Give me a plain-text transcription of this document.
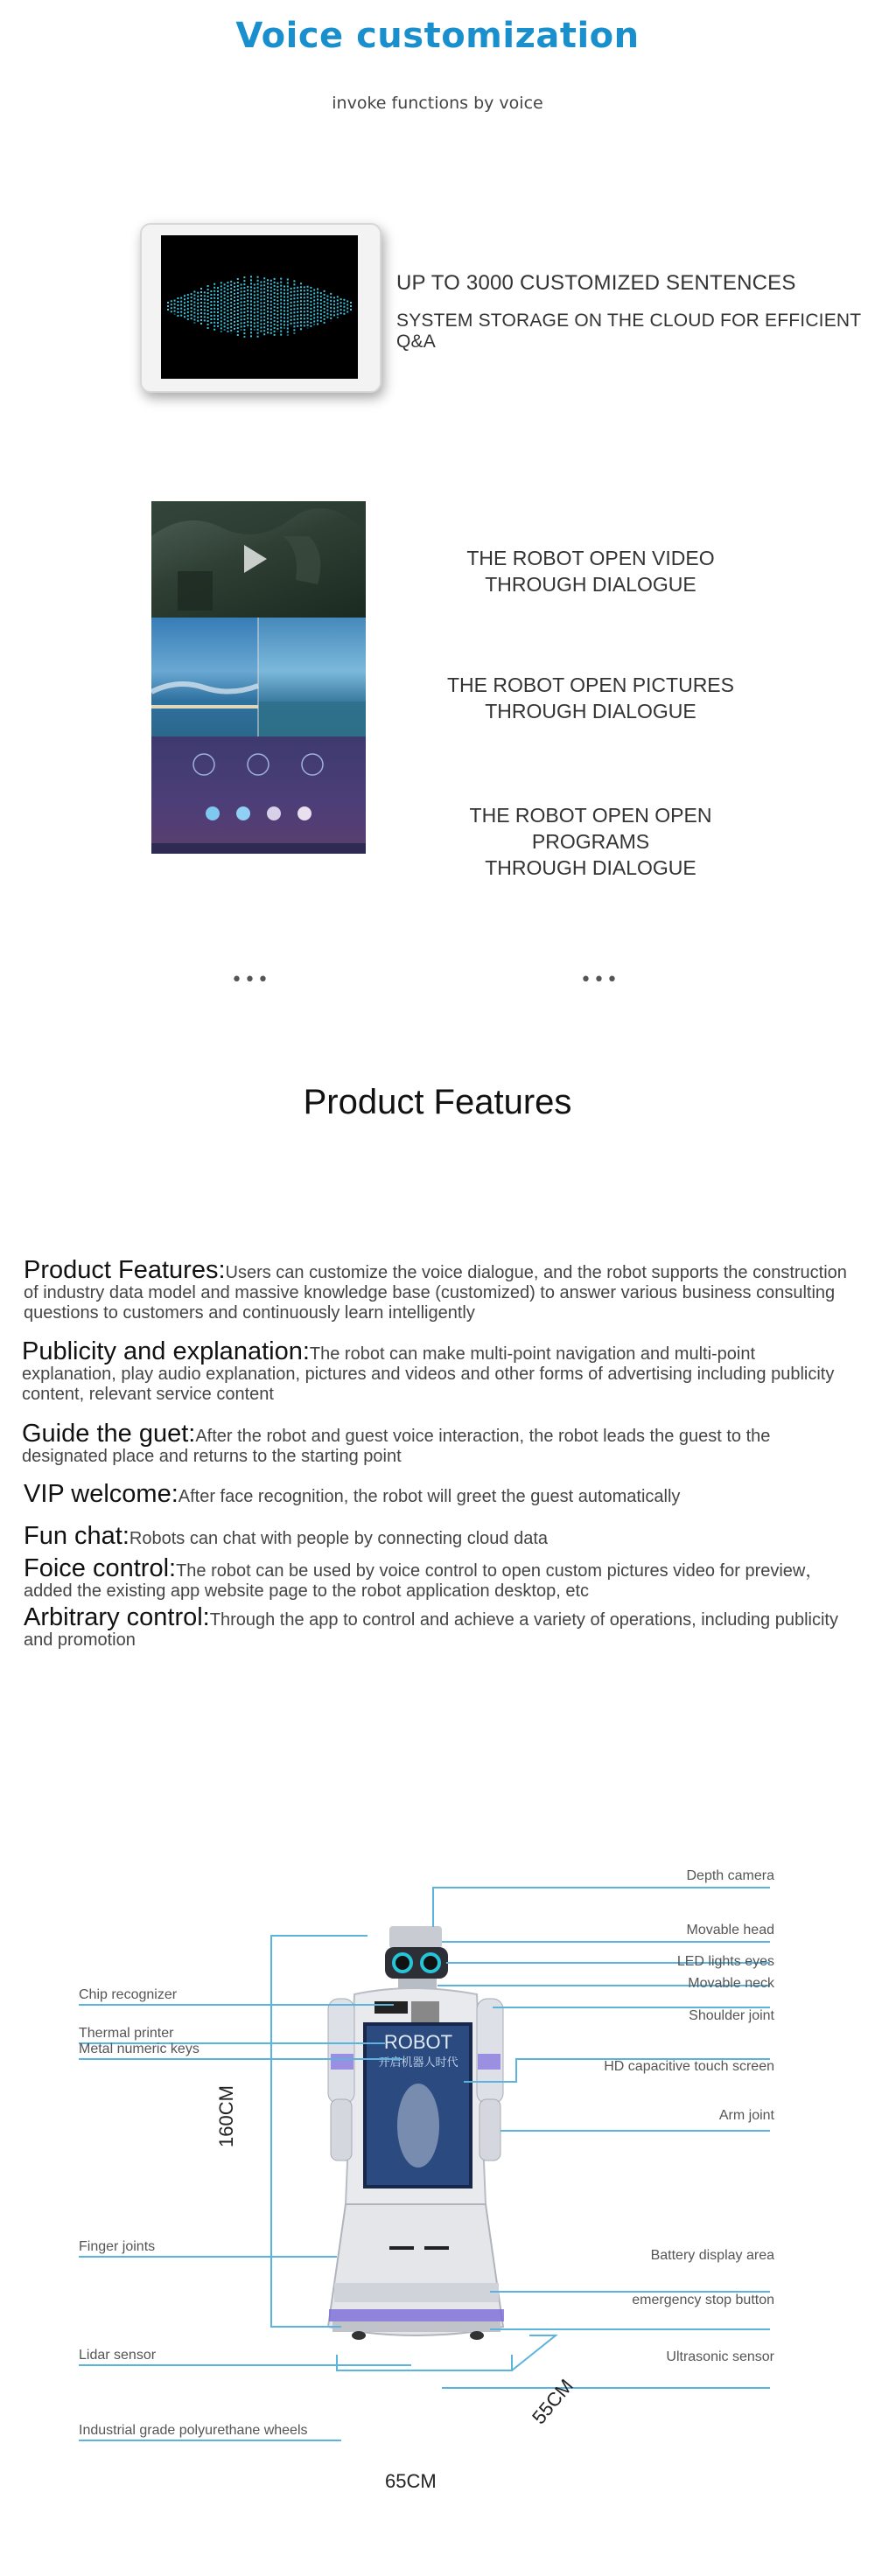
Voice customization
invoke functions by voice
UP TO 3000 CUSTOMIZED SENTENCES
SYSTEM STORAGE ON THE CLOUD FOR EFFICIENT Q&A
THE ROBOT OPEN VIDEO
THROUGH DIALOGUE
THE ROBOT OPEN PICTURES
THROUGH DIALOGUE
THE ROBOT OPEN OPEN PROGRAMS
THROUGH DIALOGUE
•••	•••
Product Features
Product Features:Users can customize the voice dialogue, and the robot supports the construction of industry data model and massive knowledge base (customized) to answer various business consulting questions to customers and continuously learn intelligently
Publicity and explanation:The robot can make multi-point navigation and multi-point explanation, play audio explanation, pictures and videos and other forms of advertising including publicity content, relevant service content
Guide the guet:After the robot and guest voice interaction, the robot leads the guest to the designated place and returns to the starting point
VIP welcome:After face recognition, the robot will greet the guest automatically
Fun chat:Robots can chat with people by connecting cloud data
Foice control:The robot can be used by voice control to open custom pictures video for preview，added the existing app website page to the robot application desktop, etc
Arbitrary control:Through the app to control and achieve a variety of operations, including publicity and promotion
ROBOT
开启机器人时代
Depth camera
Movable head
LED lights eyes
Movable neck
Shoulder joint
HD capacitive touch screen
Arm joint
Battery display area
emergency stop button
Ultrasonic sensor
Chip recognizer
Thermal printer
Metal numeric keys
Finger joints
Lidar sensor
Industrial grade polyurethane wheels
160CM
65CM
55CM
